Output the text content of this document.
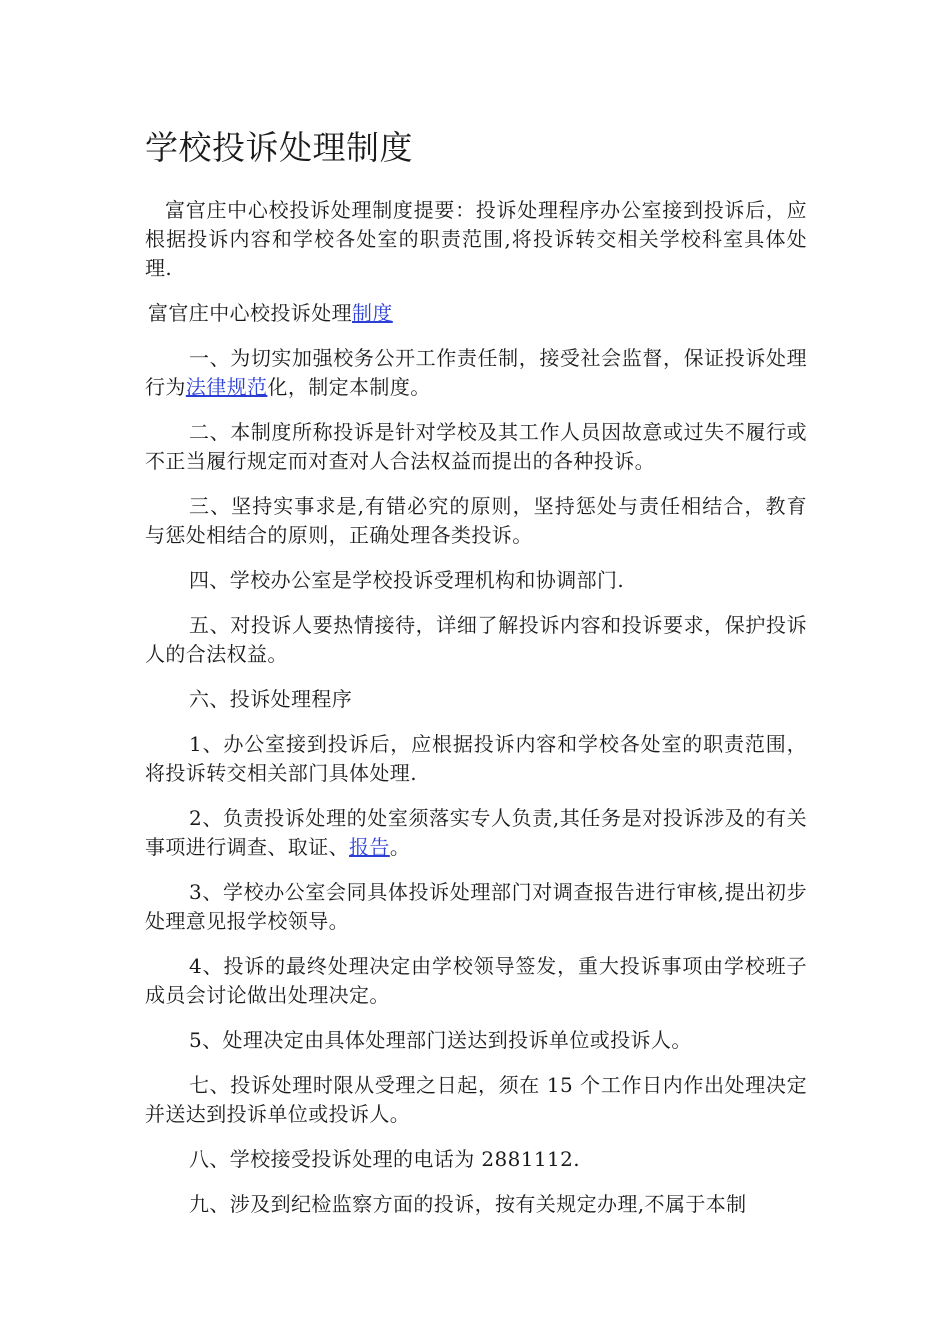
学校投诉处理制度

富官庄中心校投诉处理制度提要：投诉处理程序办公室接到投诉后，应根据投诉内容和学校各处室的职责范围,将投诉转交相关学校科室具体处理.

富官庄中心校投诉处理制度

一、为切实加强校务公开工作责任制，接受社会监督，保证投诉处理行为法律规范化，制定本制度。

二、本制度所称投诉是针对学校及其工作人员因故意或过失不履行或不正当履行规定而对查对人合法权益而提出的各种投诉。

三、坚持实事求是,有错必究的原则，坚持惩处与责任相结合，教育与惩处相结合的原则，正确处理各类投诉。

四、学校办公室是学校投诉受理机构和协调部门.

五、对投诉人要热情接待，详细了解投诉内容和投诉要求，保护投诉人的合法权益。

六、投诉处理程序

1、办公室接到投诉后，应根据投诉内容和学校各处室的职责范围，将投诉转交相关部门具体处理.

2、负责投诉处理的处室须落实专人负责,其任务是对投诉涉及的有关事项进行调查、取证、报告。

3、学校办公室会同具体投诉处理部门对调查报告进行审核,提出初步处理意见报学校领导。

4、投诉的最终处理决定由学校领导签发，重大投诉事项由学校班子成员会讨论做出处理决定。

5、处理决定由具体处理部门送达到投诉单位或投诉人。

七、投诉处理时限从受理之日起，须在 15 个工作日内作出处理决定并送达到投诉单位或投诉人。

八、学校接受投诉处理的电话为 2881112.

九、涉及到纪检监察方面的投诉，按有关规定办理,不属于本制
